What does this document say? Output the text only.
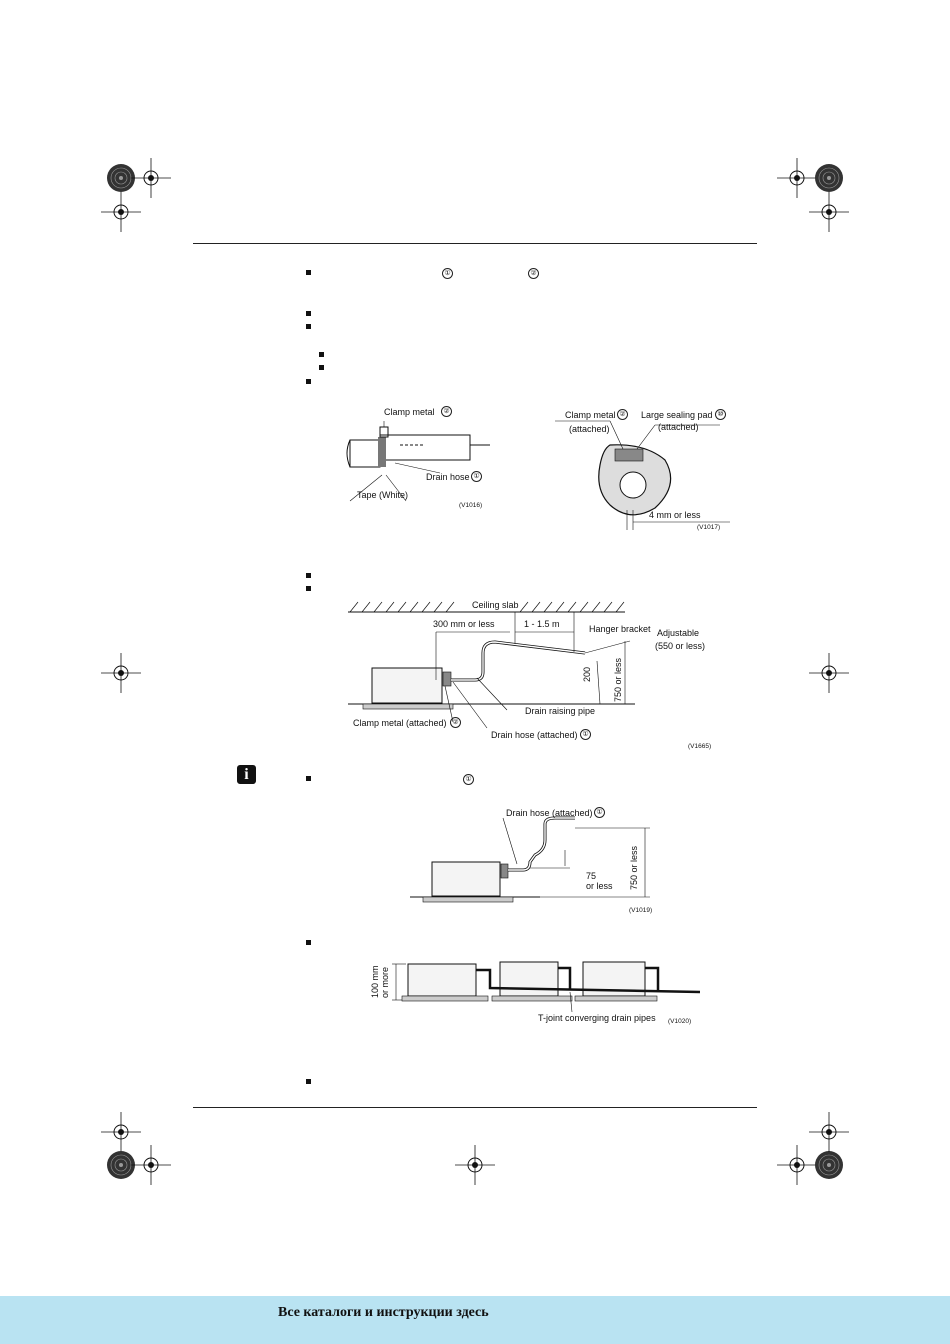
①	②
Clamp metal	②
Drain hose ①
Tape (White)
(V1016)
Clamp metal ②
(attached)
Large sealing pad ⑩
(attached)
4 mm or less
(V1017)
Ceiling slab
300 mm or less	1 - 1.5 m	Hanger bracket Adjustable
(550 or less)
200 750 or less
Drain raising pipe
Clamp metal (attached) ②
Drain hose (attached) ①
(V1665)
i	①
Drain hose (attached) ①
75
or less 750 or less
(V1019)
100 mm or more
T-joint converging drain pipes (V1020)
Все каталоги и инструкции здесь
